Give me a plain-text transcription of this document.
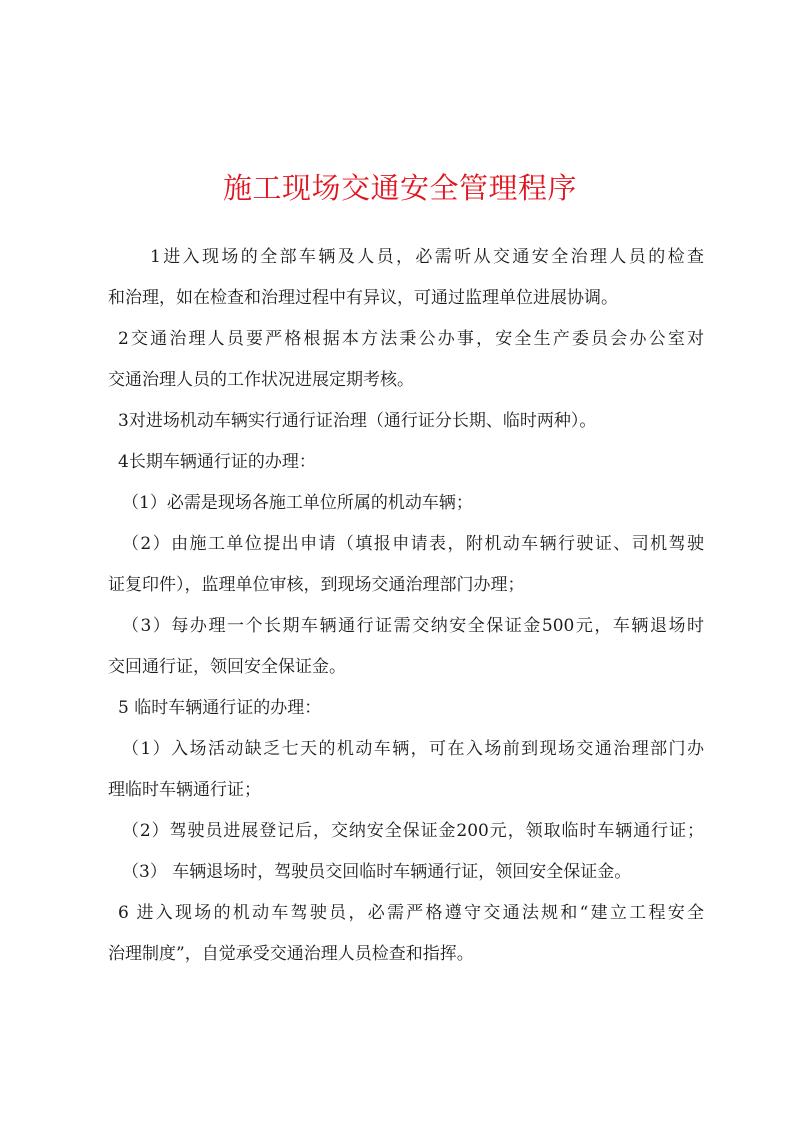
施工现场交通安全管理程序
1进入现场的全部车辆及人员，必需听从交通安全治理人员的检查
和治理，如在检查和治理过程中有异议，可通过监理单位进展协调。
2交通治理人员要严格根据本方法秉公办事，安全生产委员会办公室对
交通治理人员的工作状况进展定期考核。
3对进场机动车辆实行通行证治理（通行证分长期、临时两种）。
4长期车辆通行证的办理：
（1）必需是现场各施工单位所属的机动车辆；
（2）由施工单位提出申请（填报申请表，附机动车辆行驶证、司机驾驶
证复印件），监理单位审核，到现场交通治理部门办理；
（3）每办理一个长期车辆通行证需交纳安全保证金500元，车辆退场时
交回通行证，领回安全保证金。
5 临时车辆通行证的办理：
（1）入场活动缺乏七天的机动车辆，可在入场前到现场交通治理部门办
理临时车辆通行证；
（2）驾驶员进展登记后，交纳安全保证金200元，领取临时车辆通行证；
（3） 车辆退场时，驾驶员交回临时车辆通行证，领回安全保证金。
6 进入现场的机动车驾驶员，必需严格遵守交通法规和“建立工程安全
治理制度”，自觉承受交通治理人员检查和指挥。
